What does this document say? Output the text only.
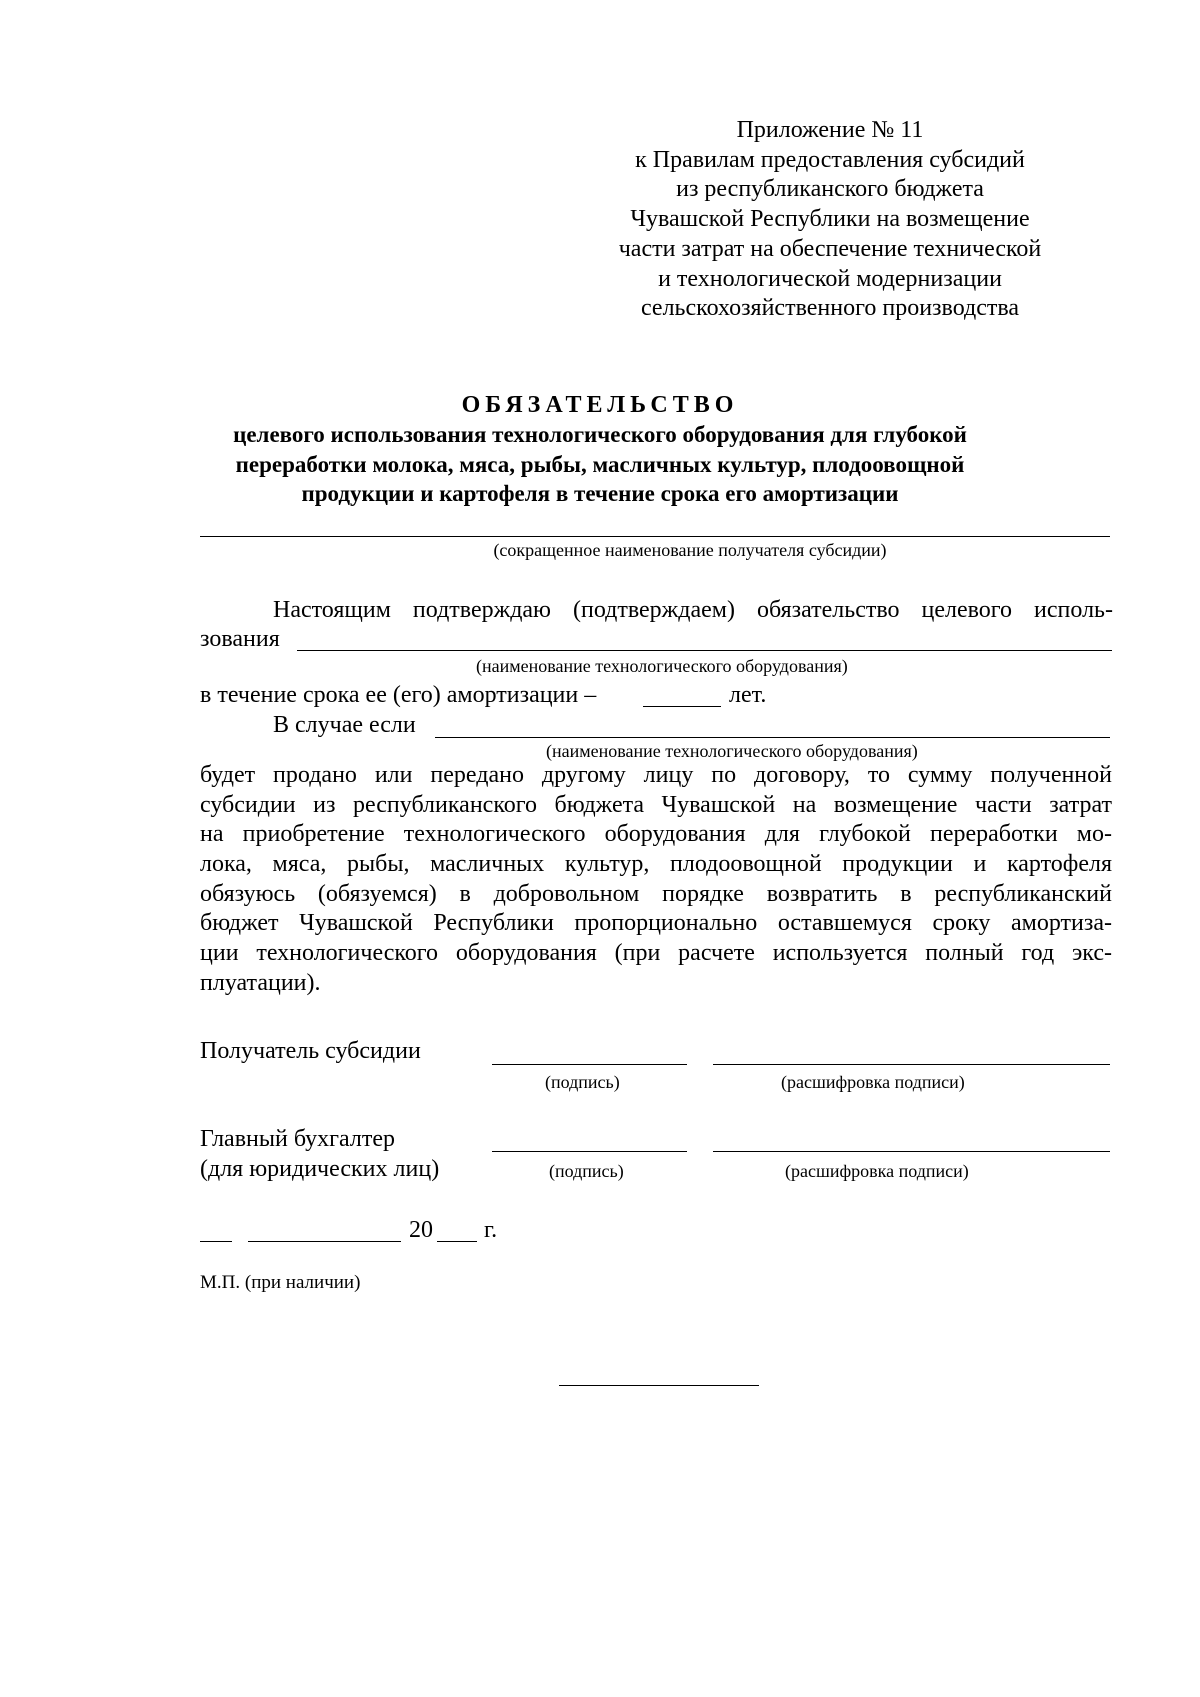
Приложение № 11
к Правилам предоставления субсидий
из республиканского бюджета
Чувашской Республики на возмещение
части затрат на обеспечение технической
и технологической модернизации
сельскохозяйственного производства
ОБЯЗАТЕЛЬСТВО
целевого использования технологического оборудования для глубокой
переработки молока, мяса, рыбы, масличных культур, плодоовощной
продукции и картофеля в течение срока его амортизации
(сокращенное наименование получателя субсидии)
Настоящим подтверждаю (подтверждаем) обязательство целевого исполь-
зования
(наименование технологического оборудования)
в течение срока ее (его) амортизации –	лет.
В случае если
(наименование технологического оборудования)
будет продано или передано другому лицу по договору, то сумму полученной
субсидии из республиканского бюджета Чувашской на возмещение части затрат
на приобретение технологического оборудования для глубокой переработки мо-
лока, мяса, рыбы, масличных культур, плодоовощной продукции и картофеля
обязуюсь (обязуемся) в добровольном порядке возвратить в республиканский
бюджет Чувашской Республики пропорционально оставшемуся сроку амортиза-
ции технологического оборудования (при расчете используется полный год экс-
плуатации).
Получатель субсидии
(подпись)	(расшифровка подписи)
Главный бухгалтер
(для юридических лиц)	(подпись)	(расшифровка подписи)
20 г.
М.П. (при наличии)
